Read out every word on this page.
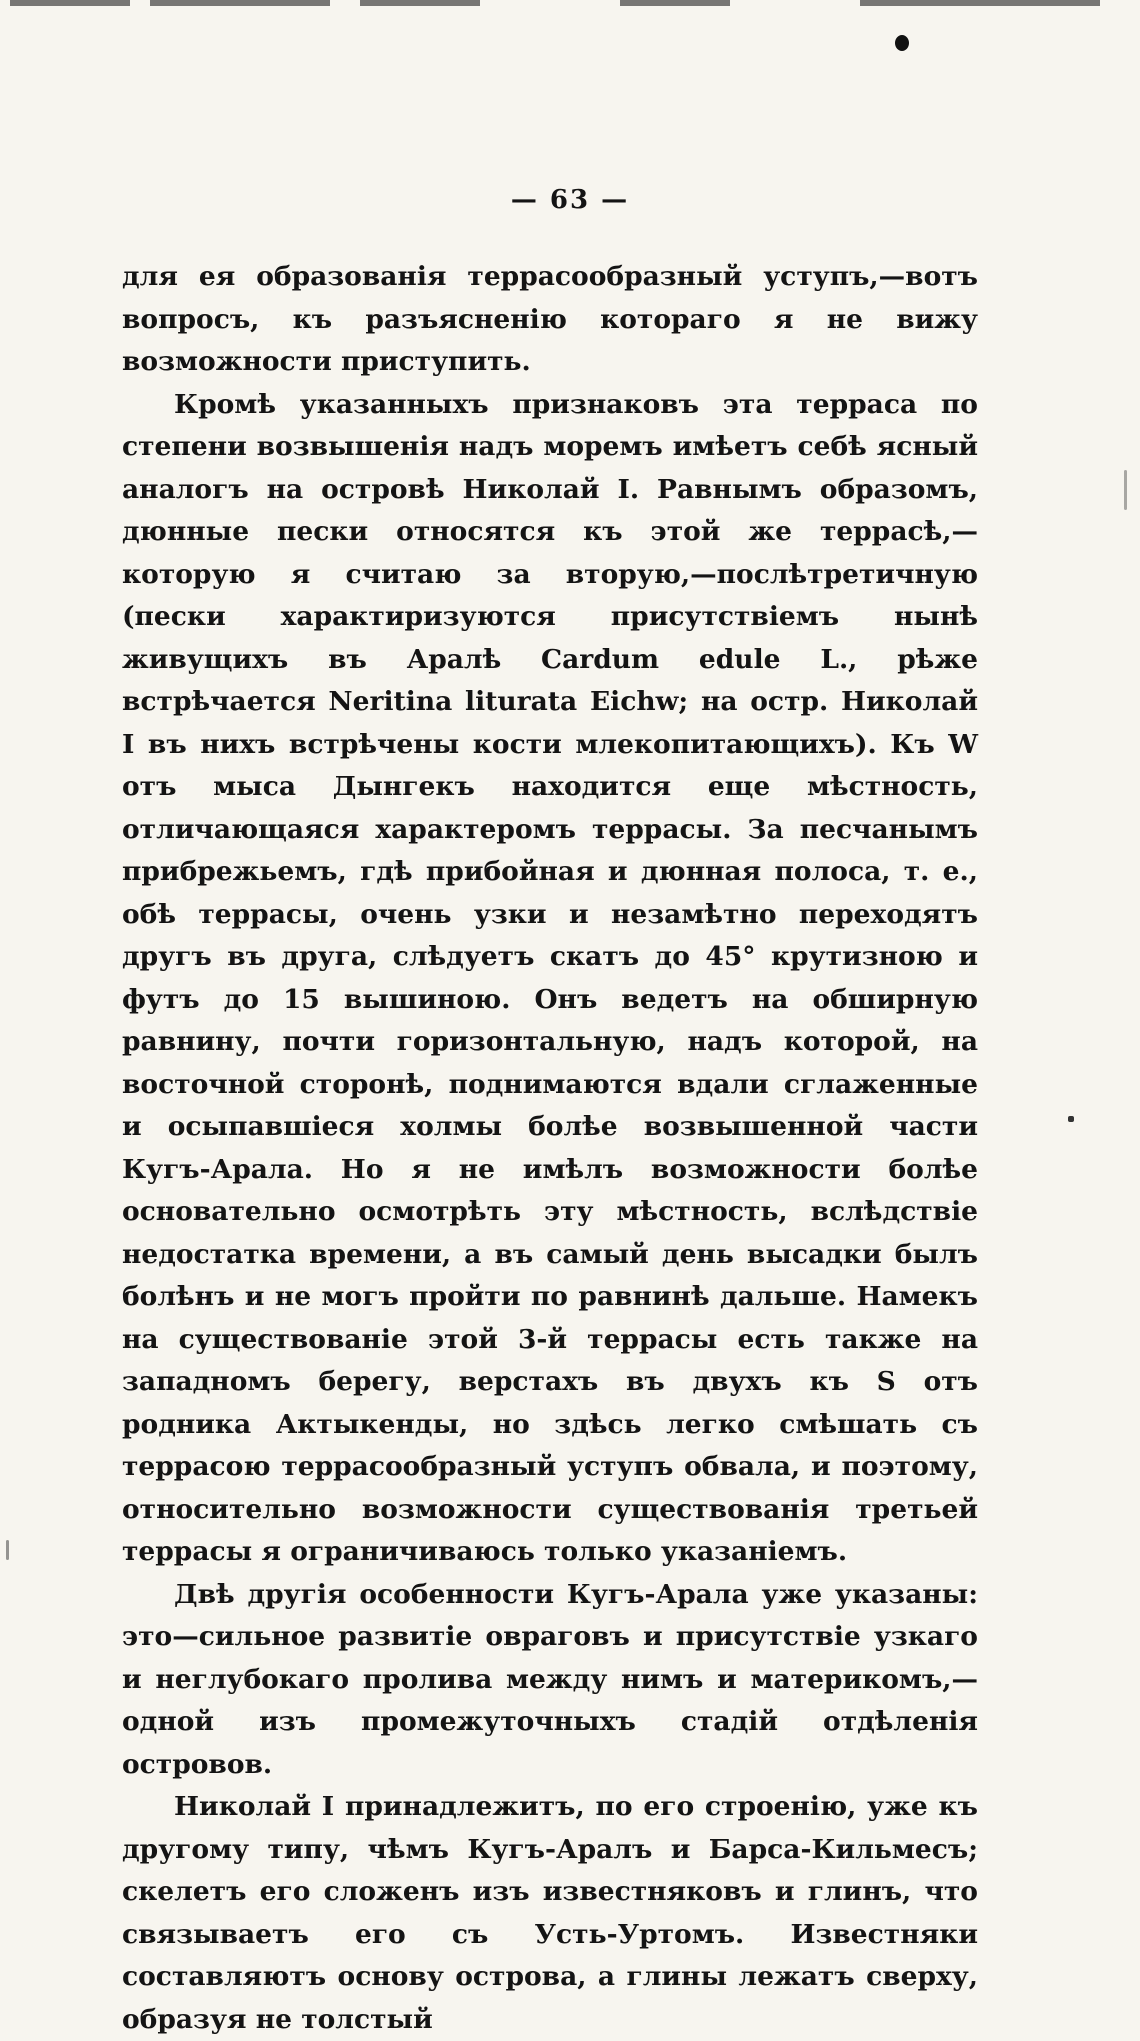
— 63 —

для ея образованія террасообразный уступъ,—вотъ вопросъ, къ разъясненію котораго я не вижу возможности приступить.

Кромѣ указанныхъ признаковъ эта терраса по степени возвышенія надъ моремъ имѣетъ себѣ ясный аналогъ на островѣ Николай I. Равнымъ образомъ, дюнные пески относятся къ этой же террасѣ,—которую я считаю за вторую,—послѣтретичную (пески характиризуются присутствіемъ нынѣ живущихъ въ Аралѣ Cardum edule L., рѣже встрѣчается Neritina liturata Eichw; на остр. Николай I въ нихъ встрѣчены кости млекопитающихъ). Къ W отъ мыса Дынгекъ находится еще мѣстность, отличающаяся характеромъ террасы. За песчанымъ прибрежьемъ, гдѣ прибойная и дюнная полоса, т. е., обѣ террасы, очень узки и незамѣтно переходятъ другъ въ друга, слѣдуетъ скатъ до 45° крутизною и футъ до 15 вышиною. Онъ ведетъ на обширную равнину, почти горизонтальную, надъ которой, на восточной сторонѣ, поднимаются вдали сглаженные и осыпавшіеся холмы болѣе возвышенной части Кугъ-Арала. Но я не имѣлъ возможности болѣе основательно осмотрѣть эту мѣстность, вслѣдствіе недостатка времени, а въ самый день высадки былъ болѣнъ и не могъ пройти по равнинѣ дальше. Намекъ на существованіе этой 3-й террасы есть также на западномъ берегу, верстахъ въ двухъ къ S отъ родника Актыкенды, но здѣсь легко смѣшать съ террасою террасообразный уступъ обвала, и поэтому, относительно возможности существованія третьей террасы я ограничиваюсь только указаніемъ.

Двѣ другія особенности Кугъ-Арала уже указаны: это—сильное развитіе овраговъ и присутствіе узкаго и неглубокаго пролива между нимъ и материкомъ,—одной изъ промежуточныхъ стадій отдѣленія островов.

Николай I принадлежитъ, по его строенію, уже къ другому типу, чѣмъ Кугъ-Аралъ и Барса-Кильмесъ; скелетъ его сложенъ изъ известняковъ и глинъ, что связываетъ его съ Усть-Уртомъ. Известняки составляютъ основу острова, а глины лежатъ сверху, образуя не толстый
